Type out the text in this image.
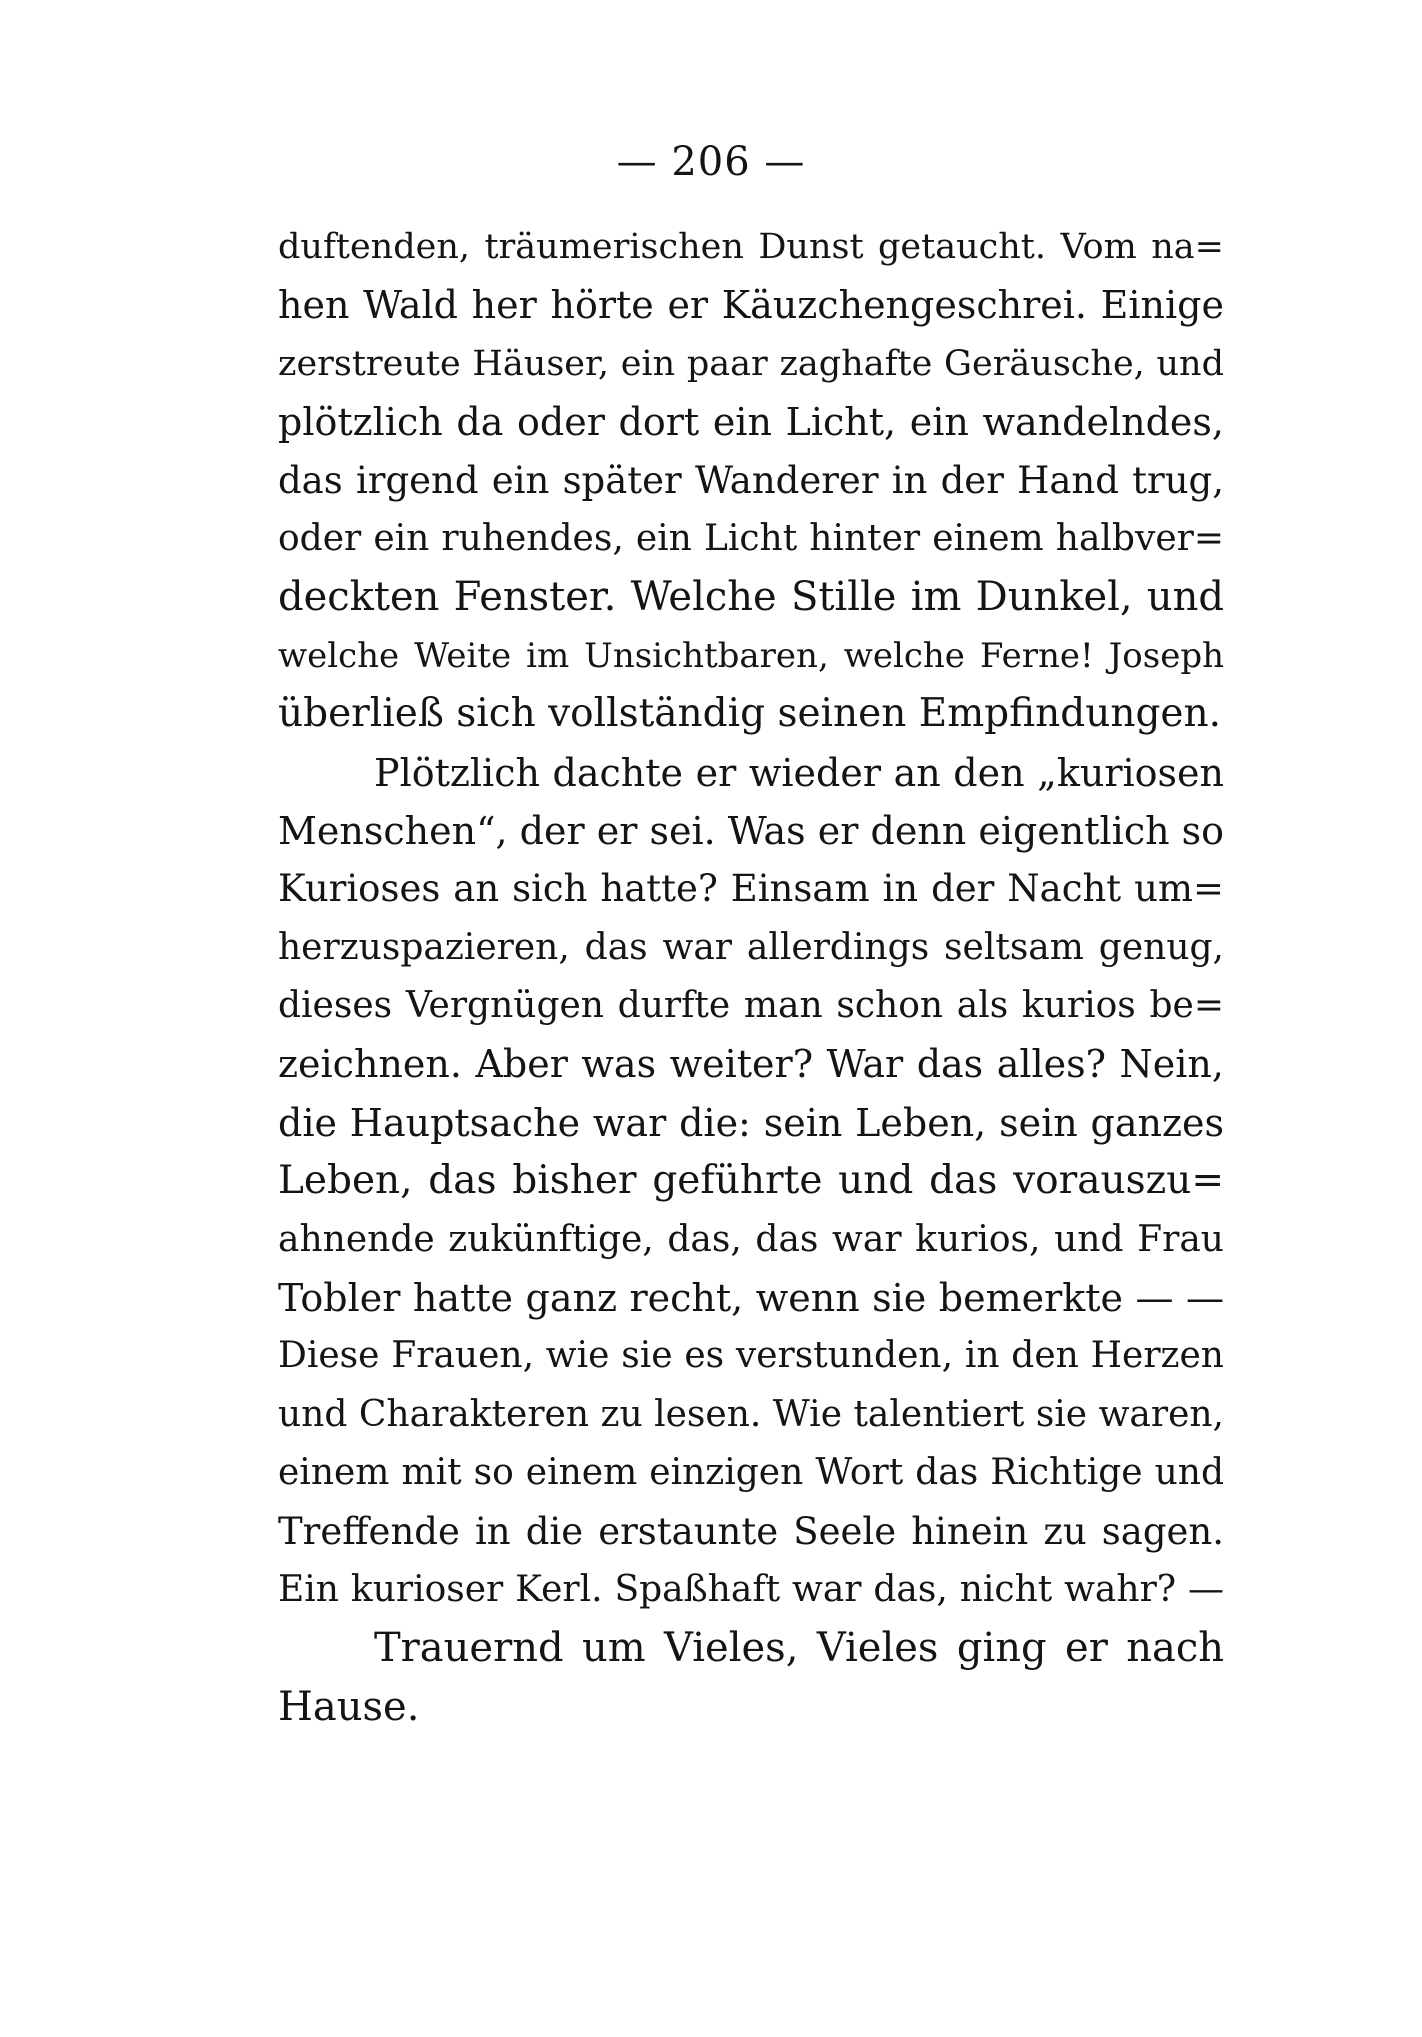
— 206 —
duftenden, träumerischen Dunst getaucht. Vom na=
hen Wald her hörte er Käuzchengeschrei. Einige
zerstreute Häuser, ein paar zaghafte Geräusche, und
plötzlich da oder dort ein Licht, ein wandelndes,
das irgend ein später Wanderer in der Hand trug,
oder ein ruhendes, ein Licht hinter einem halbver=
deckten Fenster. Welche Stille im Dunkel, und
welche Weite im Unsichtbaren, welche Ferne! Joseph
überließ sich vollständig seinen Empfindungen.
Plötzlich dachte er wieder an den „kuriosen
Menschen“, der er sei. Was er denn eigentlich so
Kurioses an sich hatte? Einsam in der Nacht um=
herzuspazieren, das war allerdings seltsam genug,
dieses Vergnügen durfte man schon als kurios be=
zeichnen. Aber was weiter? War das alles? Nein,
die Hauptsache war die: sein Leben, sein ganzes
Leben, das bisher geführte und das vorauszu=
ahnende zukünftige, das, das war kurios, und Frau
Tobler hatte ganz recht, wenn sie bemerkte — —
Diese Frauen, wie sie es verstunden, in den Herzen
und Charakteren zu lesen. Wie talentiert sie waren,
einem mit so einem einzigen Wort das Richtige und
Treffende in die erstaunte Seele hinein zu sagen.
Ein kurioser Kerl. Spaßhaft war das, nicht wahr? —
Trauernd um Vieles, Vieles ging er nach
Hause.
